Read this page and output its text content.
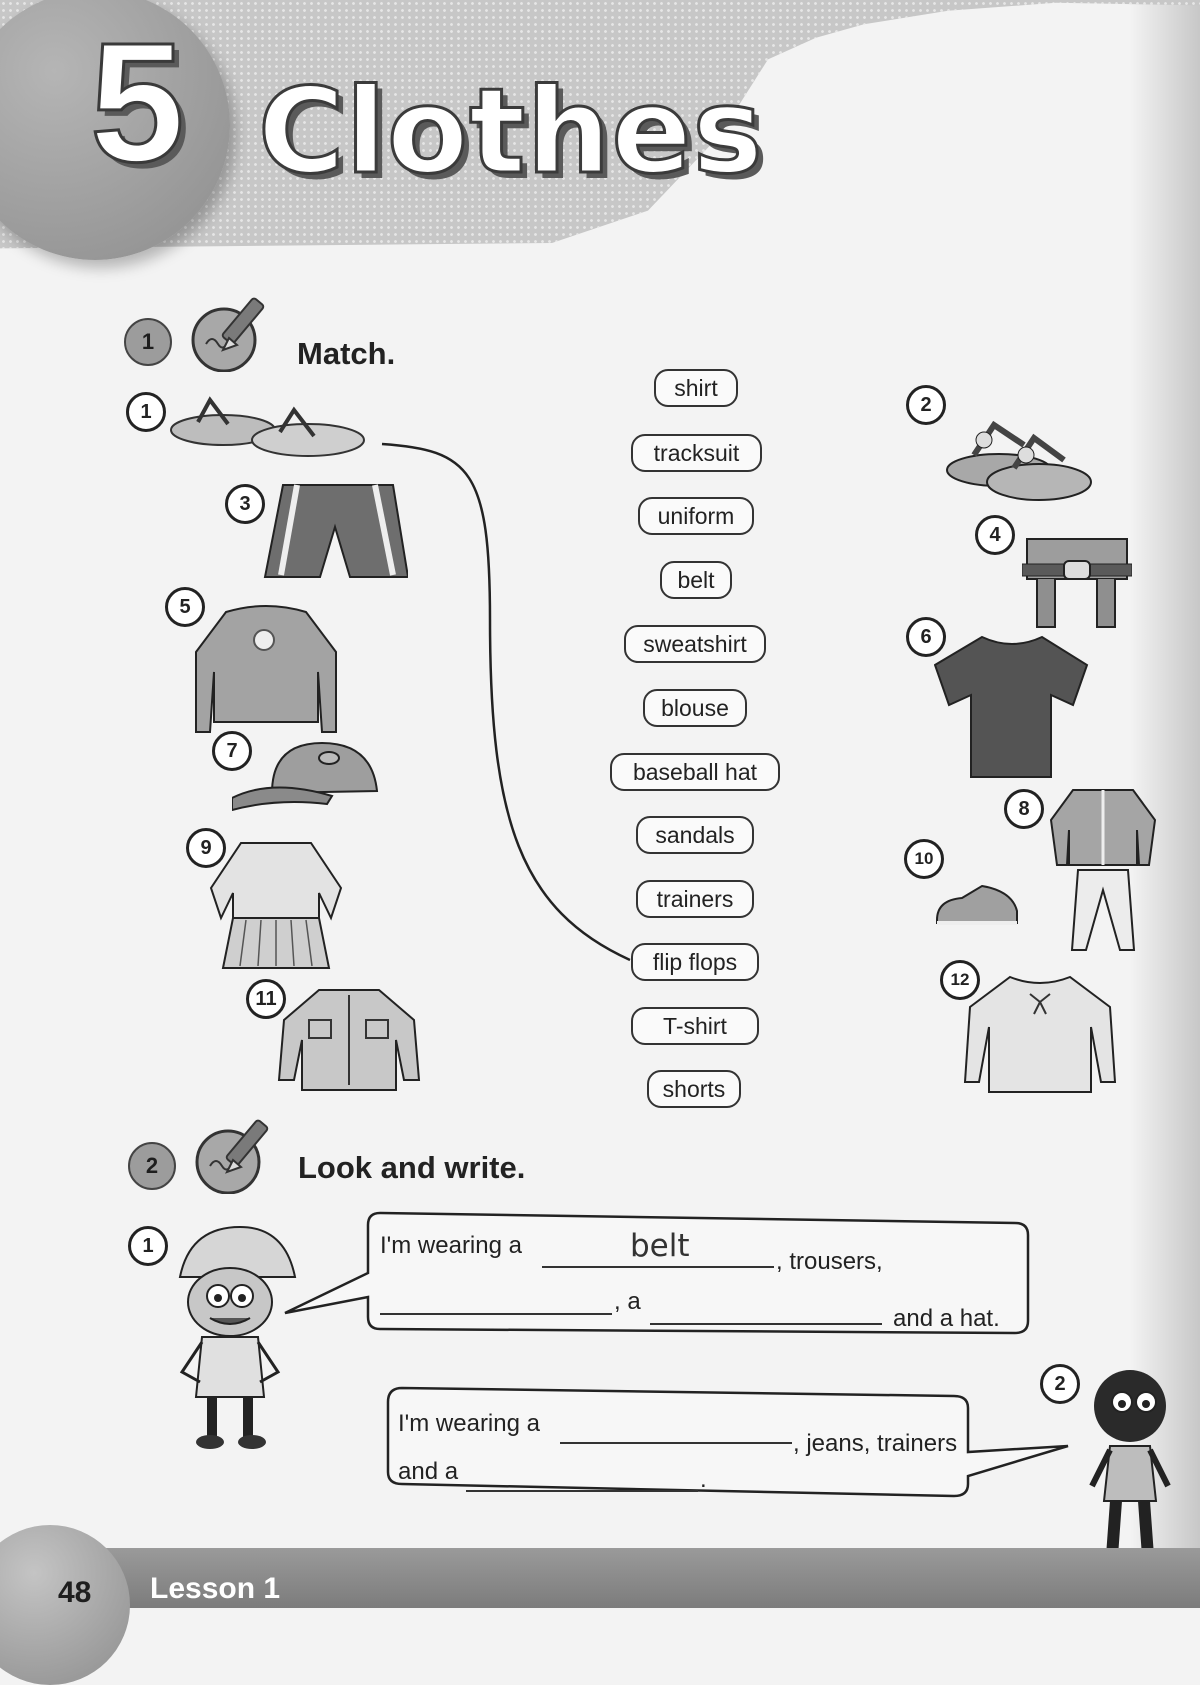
5 Clothes
1	Match.
1
3
5
7
9
11
2
4
6
8
10
12
shirt
tracksuit
uniform
belt
sweatshirt
blouse
baseball hat
sandals
trainers
flip flops
T-shirt
shorts
2	Look and write.
1	I'm wearing a	belt	, trousers,
, a
and a hat.
2
I'm wearing a
, jeans, trainers
and a	.
48 Lesson 1
